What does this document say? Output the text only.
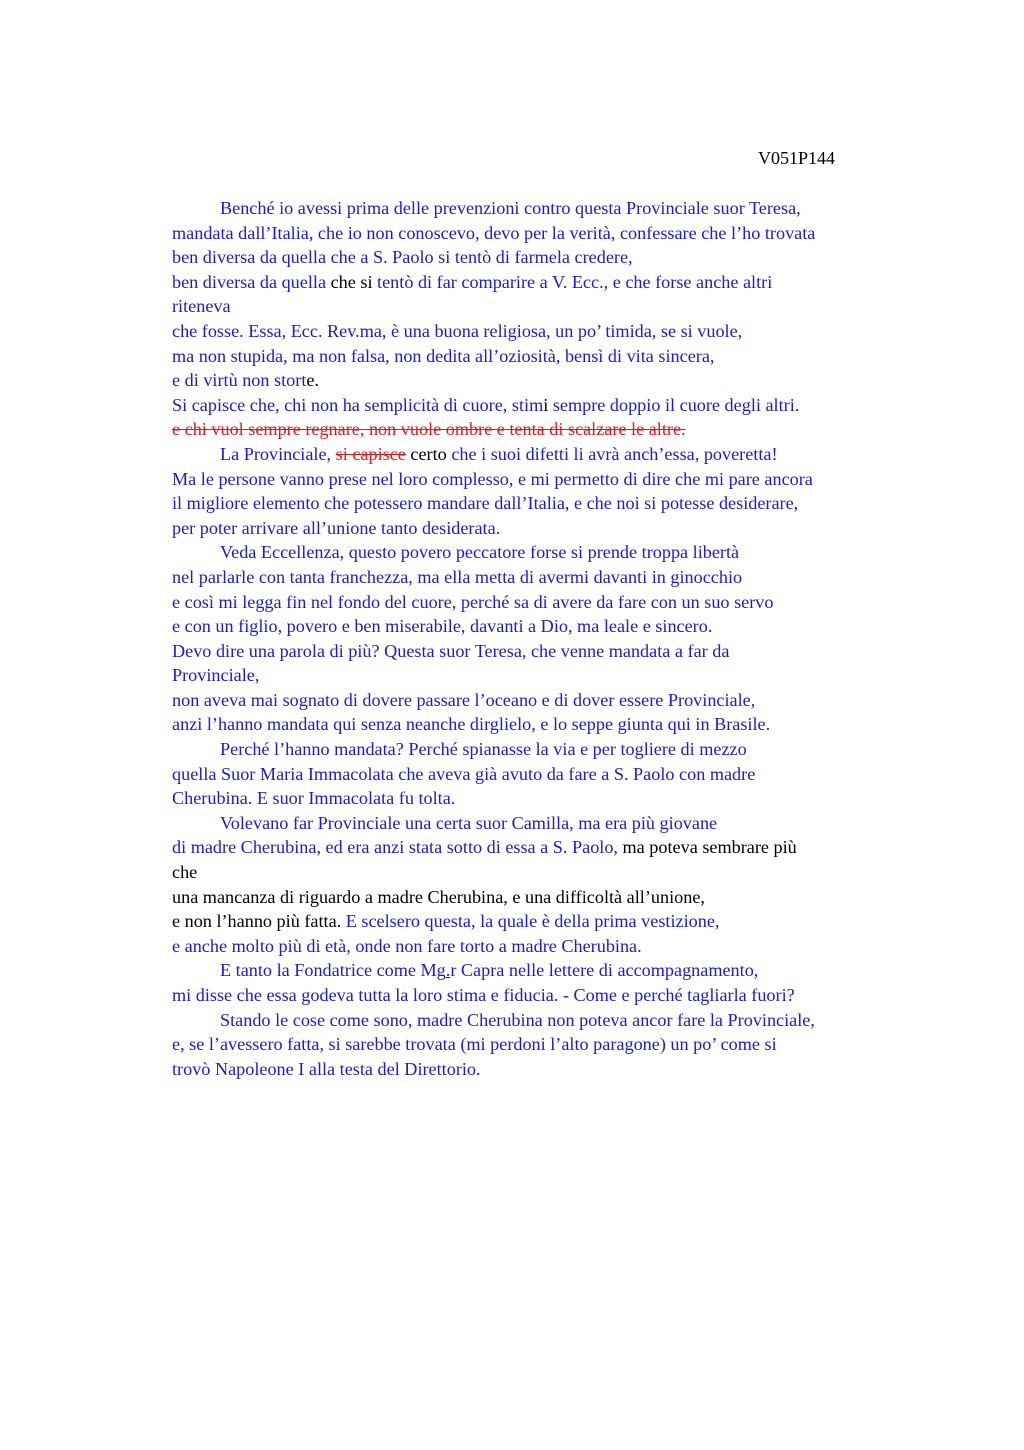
V051P144
Benché io avessi prima delle prevenzioni contro questa Provinciale suor Teresa,
mandata dall’Italia, che io non conoscevo, devo per la verità, confessare che l’ho trovata
ben diversa da quella che a S. Paolo si tentò di farmela credere,
ben diversa da quella che si tentò di far comparire a V. Ecc., e che forse anche altri
riteneva
che fosse. Essa, Ecc. Rev.ma, è una buona religiosa, un po’ timida, se si vuole,
ma non stupida, ma non falsa, non dedita all’oziosità, bensì di vita sincera,
e di virtù non storte.
Si capisce che, chi non ha semplicità di cuore, stimi sempre doppio il cuore degli altri.
e chi vuol sempre regnare, non vuole ombre e tenta di scalzare le altre.
La Provinciale, si capisce certo che i suoi difetti li avrà anch’essa, poveretta!
Ma le persone vanno prese nel loro complesso, e mi permetto di dire che mi pare ancora
il migliore elemento che potessero mandare dall’Italia, e che noi si potesse desiderare,
per poter arrivare all’unione tanto desiderata.
Veda Eccellenza, questo povero peccatore forse si prende troppa libertà
nel parlarle con tanta franchezza, ma ella metta di avermi davanti in ginocchio
e così mi legga fin nel fondo del cuore, perché sa di avere da fare con un suo servo
e con un figlio, povero e ben miserabile, davanti a Dio, ma leale e sincero.
Devo dire una parola di più? Questa suor Teresa, che venne mandata a far da
Provinciale,
non aveva mai sognato di dovere passare l’oceano e di dover essere Provinciale,
anzi l’hanno mandata qui senza neanche dirglielo, e lo seppe giunta qui in Brasile.
Perché l’hanno mandata? Perché spianasse la via e per togliere di mezzo
quella Suor Maria Immacolata che aveva già avuto da fare a S. Paolo con madre
Cherubina. E suor Immacolata fu tolta.
Volevano far Provinciale una certa suor Camilla, ma era più giovane
di madre Cherubina, ed era anzi stata sotto di essa a S. Paolo, ma poteva sembrare più
che
una mancanza di riguardo a madre Cherubina, e una difficoltà all’unione,
e non l’hanno più fatta. E scelsero questa, la quale è della prima vestizione,
e anche molto più di età, onde non fare torto a madre Cherubina.
E tanto la Fondatrice come Mg.r Capra nelle lettere di accompagnamento,
mi disse che essa godeva tutta la loro stima e fiducia. - Come e perché tagliarla fuori?
Stando le cose come sono, madre Cherubina non poteva ancor fare la Provinciale,
e, se l’avessero fatta, si sarebbe trovata (mi perdoni l’alto paragone) un po’ come si
trovò Napoleone I alla testa del Direttorio.
